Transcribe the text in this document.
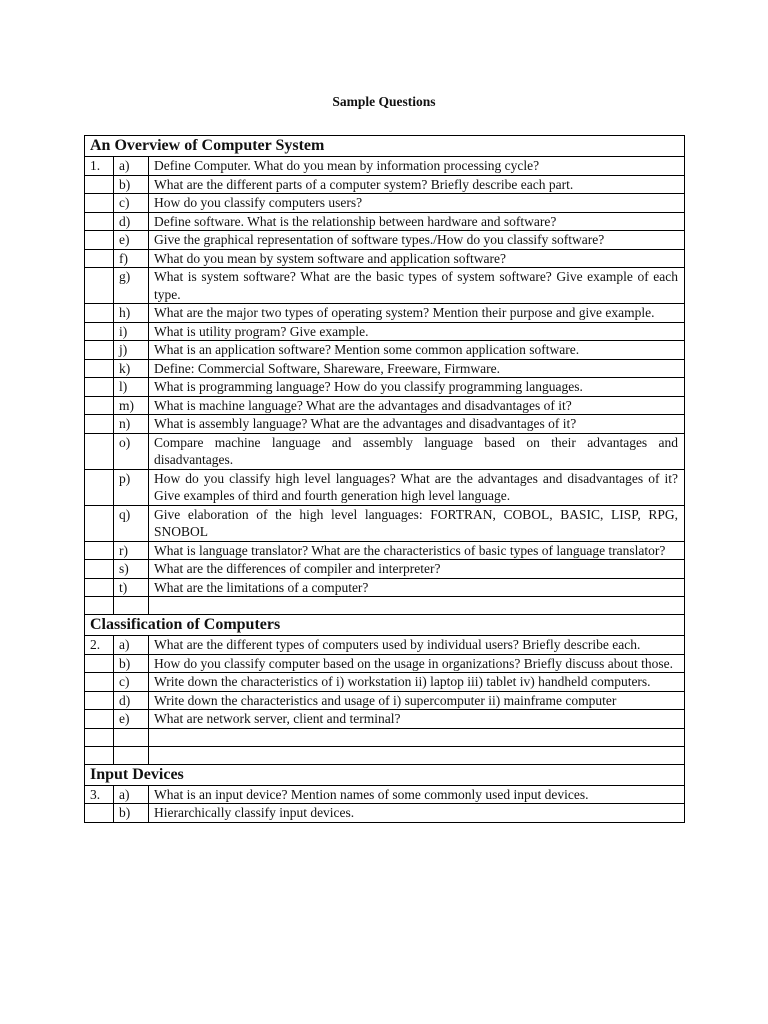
Sample Questions
An Overview of Computer System		
1.	a)	Define Computer. What do you mean by information processing cycle?
	b)	What are the different parts of a computer system? Briefly describe each part.
	c)	How do you classify computers users?
	d)	Define software. What is the relationship between hardware and software?
	e)	Give the graphical representation of software types./How do you classify software?
	f)	What do you mean by system software and application software?
	g)	What is system software? What are the basic types of system software? Give example of each type.
	h)	What are the major two types of operating system? Mention their purpose and give example.
	i)	What is utility program? Give example.
	j)	What is an application software? Mention some common application software.
	k)	Define: Commercial Software, Shareware, Freeware, Firmware.
	l)	What is programming language? How do you classify programming languages.
	m)	What is machine language? What are the advantages and disadvantages of it?
	n)	What is assembly language? What are the advantages and disadvantages of it?
	o)	Compare machine language and assembly language based on their advantages and disadvantages.
	p)	How do you classify high level languages? What are the advantages and disadvantages of it? Give examples of third and fourth generation high level language.
	q)	Give elaboration of the high level languages: FORTRAN, COBOL, BASIC, LISP, RPG, SNOBOL
	r)	What is language translator? What are the characteristics of basic types of language translator?
	s)	What are the differences of compiler and interpreter?
	t)	What are the limitations of a computer?

Classification of Computers		
2.	a)	What are the different types of computers used by individual users? Briefly describe each.
	b)	How do you classify computer based on the usage in organizations? Briefly discuss about those.
	c)	Write down the characteristics of i) workstation ii) laptop iii) tablet iv) handheld computers.
	d)	Write down the characteristics and usage of i) supercomputer ii) mainframe computer
	e)	What are network server, client and terminal?

Input Devices		
3.	a)	What is an input device? Mention names of some commonly used input devices.
	b)	Hierarchically classify input devices.
